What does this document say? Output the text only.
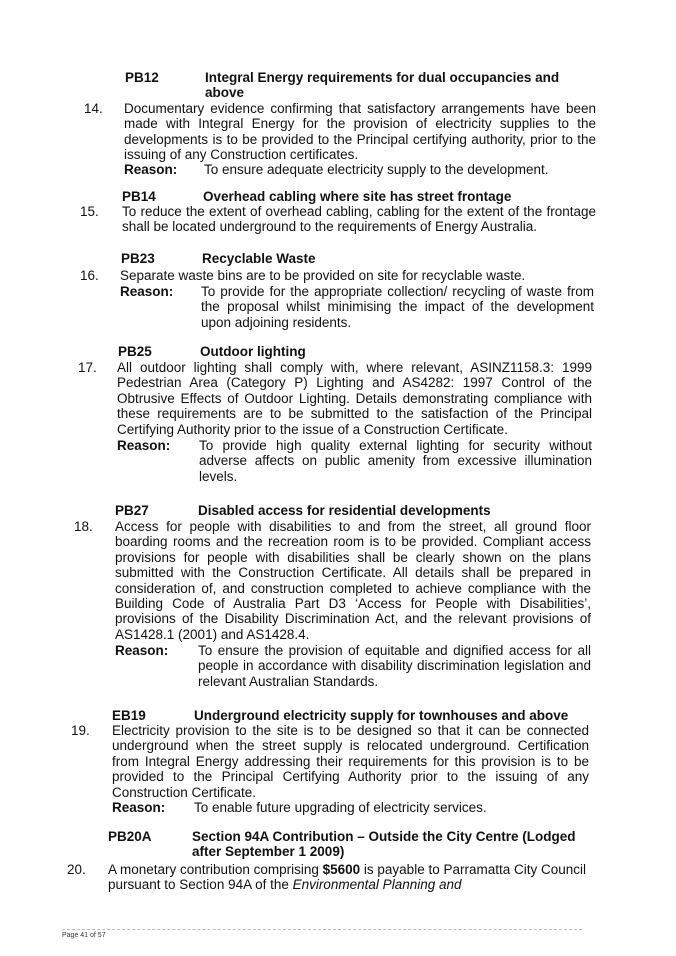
PB12	Integral Energy requirements for dual occupancies and above
14. Documentary evidence confirming that satisfactory arrangements have been made with Integral Energy for the provision of electricity supplies to the developments is to be provided to the Principal certifying authority, prior to the issuing of any Construction certificates.
Reason: To ensure adequate electricity supply to the development.
PB14	Overhead cabling where site has street frontage
15. To reduce the extent of overhead cabling, cabling for the extent of the frontage shall be located underground to the requirements of Energy Australia.
PB23	Recyclable Waste
16. Separate waste bins are to be provided on site for recyclable waste.
Reason: To provide for the appropriate collection/ recycling of waste from the proposal whilst minimising the impact of the development upon adjoining residents.
PB25	Outdoor lighting
17. All outdoor lighting shall comply with, where relevant, ASINZ1158.3: 1999 Pedestrian Area (Category P) Lighting and AS4282: 1997 Control of the Obtrusive Effects of Outdoor Lighting. Details demonstrating compliance with these requirements are to be submitted to the satisfaction of the Principal Certifying Authority prior to the issue of a Construction Certificate.
Reason: To provide high quality external lighting for security without adverse affects on public amenity from excessive illumination levels.
PB27	Disabled access for residential developments
18. Access for people with disabilities to and from the street, all ground floor boarding rooms and the recreation room is to be provided. Compliant access provisions for people with disabilities shall be clearly shown on the plans submitted with the Construction Certificate. All details shall be prepared in consideration of, and construction completed to achieve compliance with the Building Code of Australia Part D3 ‘Access for People with Disabilities’, provisions of the Disability Discrimination Act, and the relevant provisions of AS1428.1 (2001) and AS1428.4.
Reason: To ensure the provision of equitable and dignified access for all people in accordance with disability discrimination legislation and relevant Australian Standards.
EB19	Underground electricity supply for townhouses and above
19. Electricity provision to the site is to be designed so that it can be connected underground when the street supply is relocated underground. Certification from Integral Energy addressing their requirements for this provision is to be provided to the Principal Certifying Authority prior to the issuing of any Construction Certificate.
Reason: To enable future upgrading of electricity services.
PB20A	Section 94A Contribution – Outside the City Centre (Lodged after September 1 2009)
20. A monetary contribution comprising $5600 is payable to Parramatta City Council pursuant to Section 94A of the Environmental Planning and
Page 41 of 57
